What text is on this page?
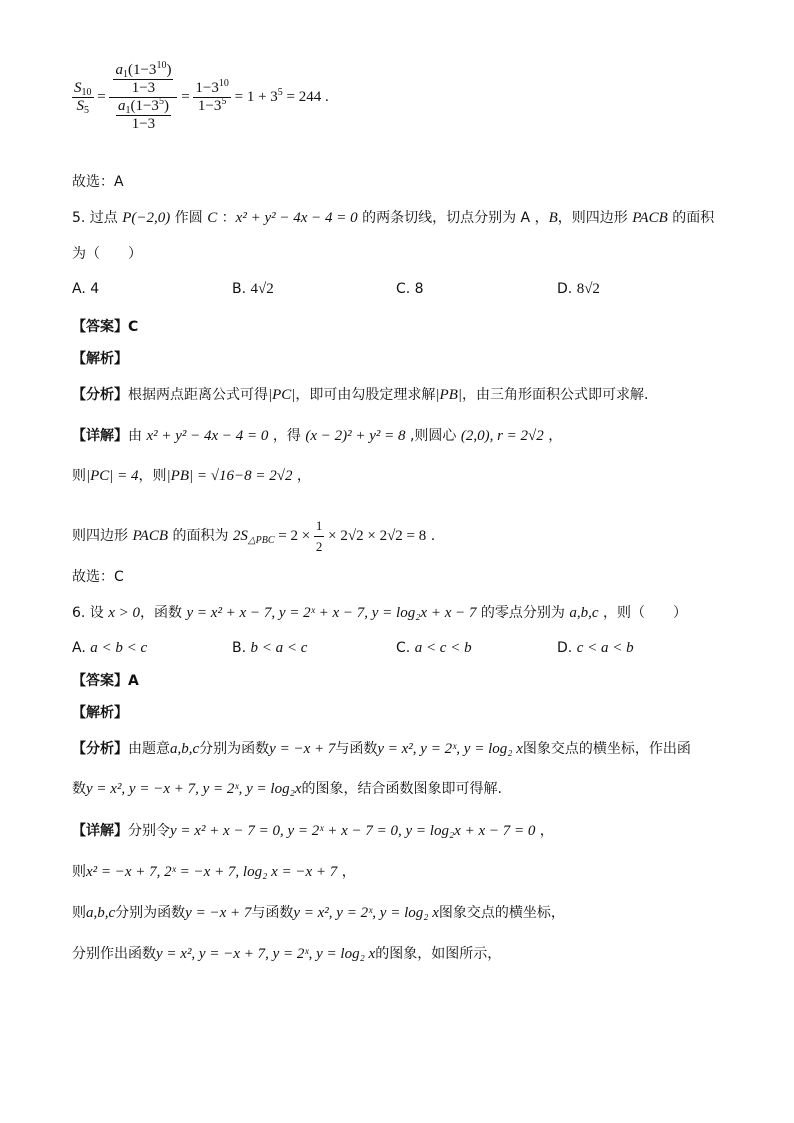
$\frac{S_{10}}{S_5} = \frac{\frac{a_1(1-3^{10})}{1-3}}{\frac{a_1(1-3^5)}{1-3}} = \frac{1-3^{10}}{1-3^5} = 1 + 3^5 = 244$ .
故选：A
5. 过点 P(−2,0) 作圆 C ：x² + y² − 4x − 4 = 0 的两条切线，切点分别为 A ，B，则四边形 PACB 的面积
为（　　）
A. 4	B. 4√2	C. 8	D. 8√2
【答案】C
【解析】
【分析】根据两点距离公式可得|PC|，即可由勾股定理求解|PB|，由三角形面积公式即可求解.
【详解】由 x² + y² − 4x − 4 = 0 ，得 (x − 2)² + y² = 8 ,则圆心 (2,0), r = 2√2 ，
则|PC| = 4，则|PB| = √16−8 = 2√2 ，
则四边形 PACB 的面积为 $2S_{\triangle PBC} = 2 \times \frac{1}{2} \times 2√2 \times 2√2 = 8$ .
故选：C
6. 设 x > 0，函数 y = x² + x − 7, y = 2ˣ + x − 7, y = log₂x + x − 7 的零点分别为 a,b,c ，则（　　）
A. a < b < c	B. b < a < c	C. a < c < b	D. c < a < b
【答案】A
【解析】
【分析】由题意a,b,c分别为函数y = −x + 7与函数y = x², y = 2ˣ, y = log₂ x图象交点的横坐标，作出函
数y = x², y = −x + 7, y = 2ˣ, y = log₂x的图象，结合函数图象即可得解.
【详解】分别令y = x² + x − 7 = 0, y = 2ˣ + x − 7 = 0, y = log₂x + x − 7 = 0 ，
则x² = −x + 7, 2ˣ = −x + 7, log₂ x = −x + 7 ，
则a,b,c分别为函数y = −x + 7与函数y = x², y = 2ˣ, y = log₂ x图象交点的横坐标，
分别作出函数y = x², y = −x + 7, y = 2ˣ, y = log₂ x的图象，如图所示，
